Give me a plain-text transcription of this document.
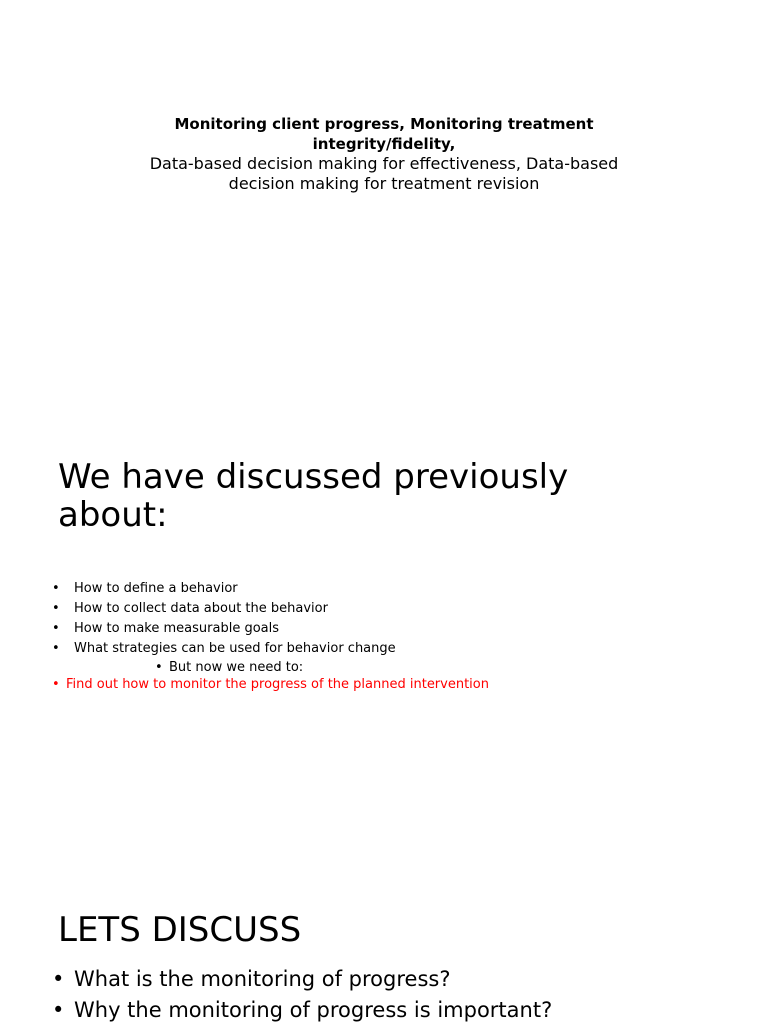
Monitoring client progress, Monitoring treatment integrity/fidelity,
Data-based decision making for effectiveness, Data-based decision making for treatment revision
We have discussed previously about:
• How to define a behavior
• How to collect data about the behavior
• How to make measurable goals
• What strategies can be used for behavior change
• But now we need to:
• Find out how to monitor the progress of the planned intervention
LETS DISCUSS
• What is the monitoring of progress?
• Why the monitoring of progress is important?
